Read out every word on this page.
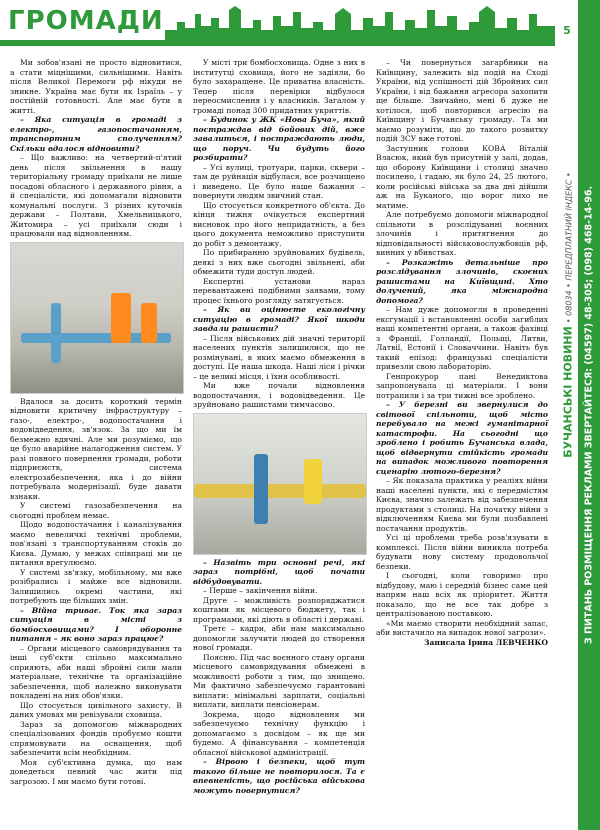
ГРОМАДИ	5
БУЧАНСЬКІ НОВИНИ • 08034 • ПЕРЕДПЛАТНИЙ ІНДЕКС • З ПИТАНЬ РОЗМІЩЕННЯ РЕКЛАМИ ЗВЕРТАЙТЕСЯ: (04597) 48-305; (098) 468-14-96.

Ми зобов'язані не просто відновитися, а стати міцнішими, сильнішими. Навіть після Великої Перемоги рф нікуди не зникне. Україна має бути як Ізраїль – у постійній готовності. Але має бути в житті.

– Яка ситуація в громаді з електро-, газопостачанням, транспортним сполученням? Скільки вдалося відновити?

– Що важливо: на четвертий-п'ятий день після звільнення в нашу територіальну громаду приїхали не лише посадові обласного і державного рівня, а й спеціалісти, які допомагали відновити комунальні послуги. З різних куточків держави – Полтави, Хмельницького, Житомира – усі приїхали сюди і працювали над відновленням.

Вдалося за досить короткий термін відновити критичну інфраструктуру – газо-, електро-, водопостачання і водовідведення, зв'язок. За що ми їм безмежно вдячні. Але ми розуміємо, що це було аварійне налагодження систем. У разі повного повернення громади, роботи підприємств, система електрозабезпечення, яка і до війни потребувала модернізації, буде давати взнаки.

У системі газозабезпечення на сьогодні проблем немає.

Щодо водопостачання і каналізування маємо невеличкі технічні проблеми, пов'язані з транспортуванням стоків до Києва. Думаю, у межах співпраці ми це питання врегулюємо.

У системі зв'язку, мобільному, ми вже розібрались і майже все відновили. Залишились окремі частини, які потребують ще більших змін.

– Війна триває. Ток яка зараз ситуація в місті з бомбосховищами? І оборонне питання – як воно зараз працює?

– Органи місцевого самоврядування та інші суб'єкти спільно максимально сприяють, аби наші збройні сили мали матеріальне, технічне та організаційне забезпечення, щоб належно виконувати покладені на них обов'язки.

Що стосується цивільного захисту. В даних умовах ми ревізували сховища.

Зараз за допомогою міжнародних спеціалізованих фондів пробуємо кошти спрямовувати на оснащення, щоб забезпечити всім необхідним.

Моя суб'єктивна думка, що нам доведеться певний час жити під загрозою. І ми маємо бути готові.

У місті три бомбосховища. Одне з них в інститутці сховища, його не задіяли, бо було захаращене. Це приватна власність. Тепер після перевірки відбулося переосмислення і у власників. Загалом у громаді понад 300 придатних укриттів.

– Будинок у ЖК «Нова Буча», який постраждав від бойових дій, вже завалиться, і постраждають люди, що поруч. Чи будуть його розбирати?

– Усі вулиці, тротуари, парки, сквери – там де руйнація відбулася, все розчищено і виведено. Це було наше бажання – повернути людям звичний стан.

Що стосується конкретного об'єкта. До кінця тижня очікується експертний висновок про його непридатність, а без цього документа неможливо приступити до робіт з демонтажу.

По прибиранню зруйнованих будівель, деякі з них вже сьогодні звільнені, аби обмежити туди доступ людей.

Експертні установи нараз перевантажені подібними заявами, тому процес їхнього розгляду затягується.

– Як ви оцінюєте екологічну ситуацію в громаді? Якої шкоди завдали рашисти?

– Після військових дій значні території населених пунктів залишилися, що не розмінувані, в яких маємо обмеження в доступі. Це наша шкода. Наші ліси і річки – це великі місця, і їхня особливості.

Ми вже почали відновлення водопостачання, і водовідведення. Це зруйновано рашистами тимчасово.

– Назвіть три основні речі, які зараз потрібні, щоб почати відбудовувати.

– Перше – закінчення війни.

Друге – можливість розпоряджатися коштами як місцевого бюджету, так і програмами, які діють в області і державі.

Третє – кадри, аби нам максимально допомогли залучити людей до створення нової громади.

Поясню. Під час воєнного стану органи місцевого самоврядування обмежені в можливості роботи з тим, що знищено. Ми фактично забезпечуємо гарантовані виплати: мінімальні зарплати, соціальні виплати, виплати пенсіонерам.

Зокрема, щодо відновлення ми забезпечуємо технічну функцію і допомагаємо з досвідом – як ще ми будемо. А фінансування – компетенція обласної військової адміністрації.

– Вірвою і безпеки, щоб тут такого більше не повторилося. Та є впевненість, що російська військова можуть повернутися?

– Чи повернуться загарбники на Київщину, залежить від подій на Сході України, від успішності дій Збройних сил України, і від бажання агресора захопити ще більше. Звичайно, мені б дуже не хотілося, щоб повторився агресію на Київщину і Бучанську громаду. Та ми маємо розуміти, що до такого розвитку подій ЗСУ вже готові.

Заступник голови КОВА Віталій Власюк, який був присутній у залі, додав, що оборону Київщини і столиці значно посилено, і гадаю, як було 24, 25 лютого, коли російські війська за два дні дійшли аж на Буканого, що ворог лихо не матиме.

Але потребуємо допомоги міжнародної спільноти в розслідуванні воєнних злочинів і притягнення до відповідальності військовослужбовців рф, винних у вбивствах.

– Розкажіть детальніше про розслідування злочинів, скоєних рашистами на Київщині. Хто долучений, яка міжнародна допомога?

– Нам дуже допомогли в проведенні ексгумації і встановленні особи загиблих наші компетентні органи, а також фахівці з Франції, Голландії, Польщі, Литви, Латвії, Естонії і Словаччини. Навіть був такий епізод: французькі спеціалісти привезли свою лабораторію.

Генпрокурор пані Венедиктова запропонувала ці матеріали. І вони потрапили і за три тижні все зроблено.

– У березні ви звернулися до світової спільноти, щоб місто перебувало на межі гуманітарної катастрофи. На сьогодні що зроблено і робить Бучанська влада, щоб відвернути стійкість громади на випадок можливого повторення сценарію лютого-березня?

– Як показала практика у реаліях війни наші населені пункти, які є передмістям Києва, значно залежать від забезпечення продуктами з столиці. На початку війни з відключенням Києва ми були позбавлені постачання продуктів.

Усі ці проблеми треба розв'язувати в комплексі. Після війни виникла потреба будувати нову систему продовольчої безпеки.

І сьогодні, коли говоримо про відбудову, маю і середній бізнес саме цей напрям наш всіх як пріоритет. Життя показало, що не все так добре з централізованою поставкою.

«Ми маємо створити необхідний запас, аби вистачило на випадок нової загрози».

Записала Ірина ЛЕВЧЕНКО
